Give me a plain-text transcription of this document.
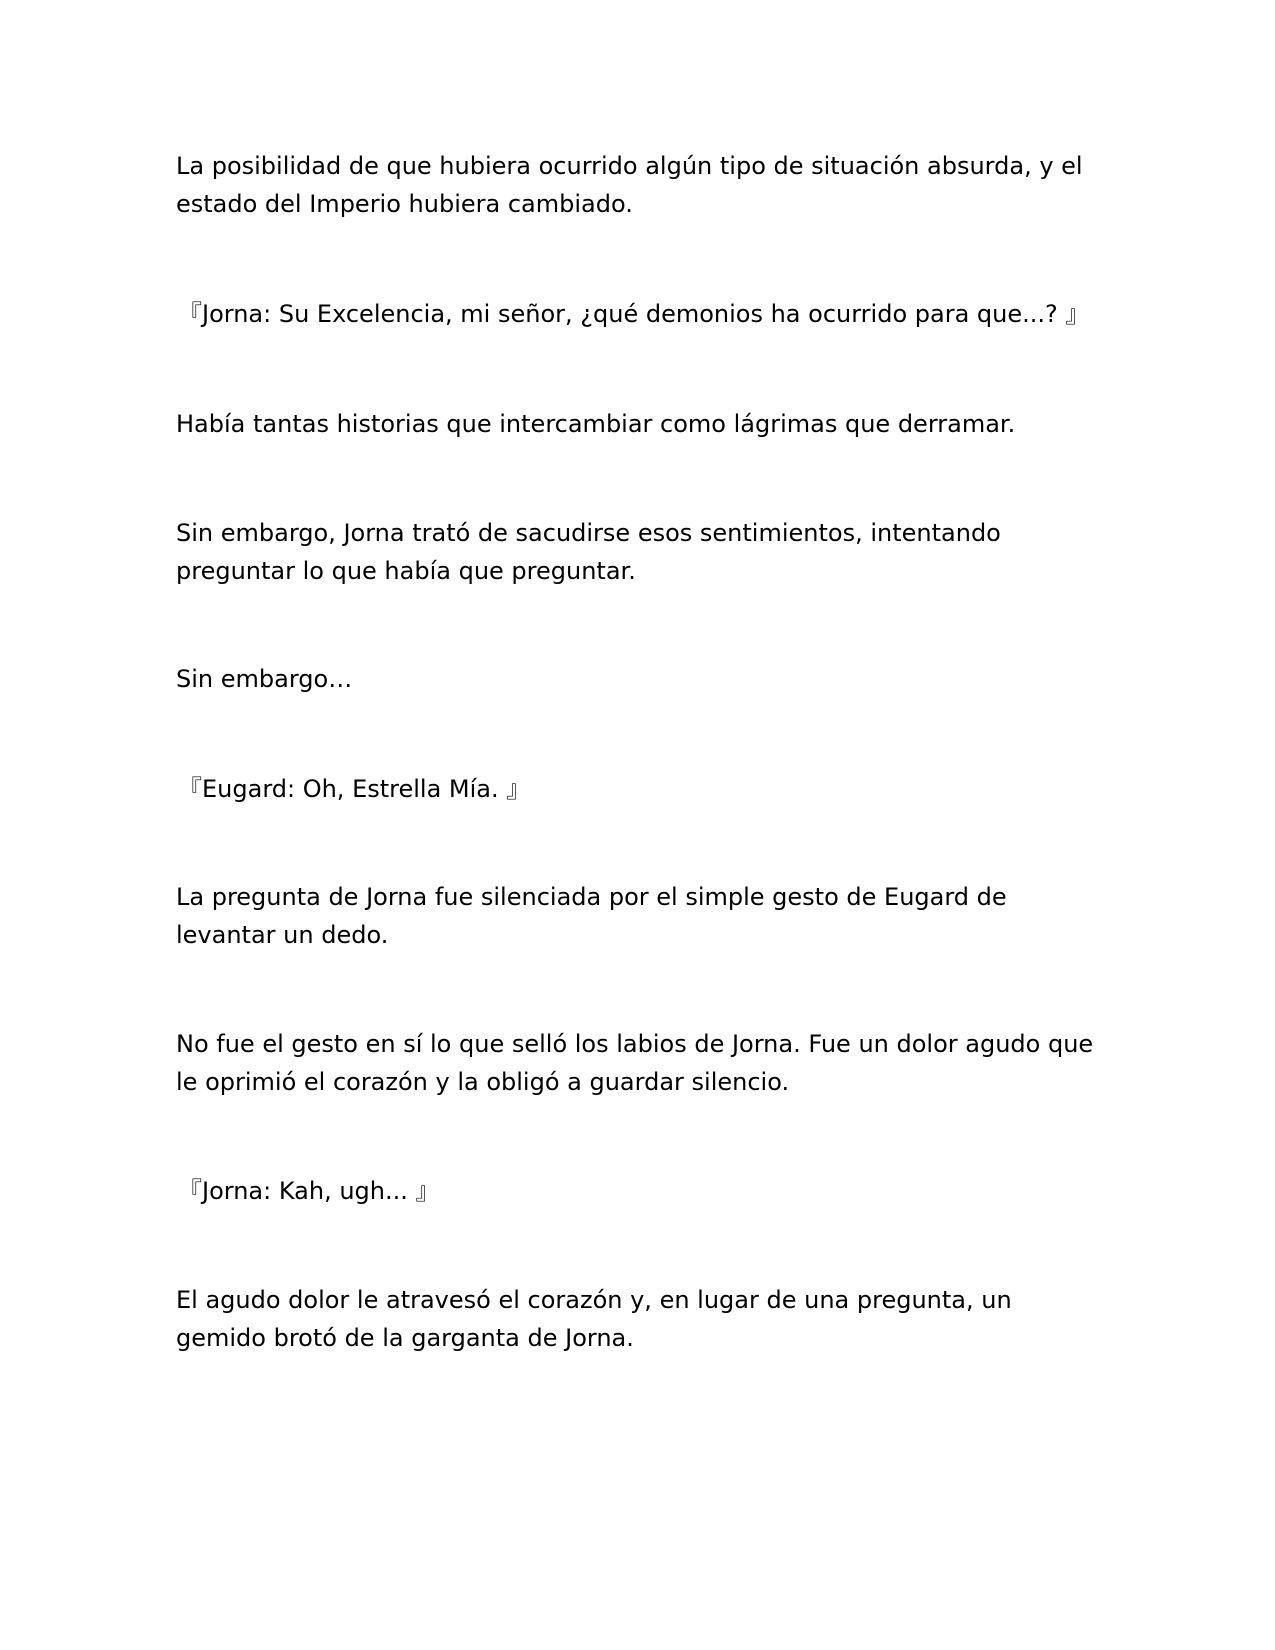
La posibilidad de que hubiera ocurrido algún tipo de situación absurda, y el estado del Imperio hubiera cambiado.

『Jorna: Su Excelencia, mi señor, ¿qué demonios ha ocurrido para que...? 』

Había tantas historias que intercambiar como lágrimas que derramar.

Sin embargo, Jorna trató de sacudirse esos sentimientos, intentando preguntar lo que había que preguntar.

Sin embargo…

『Eugard: Oh, Estrella Mía. 』

La pregunta de Jorna fue silenciada por el simple gesto de Eugard de levantar un dedo.

No fue el gesto en sí lo que selló los labios de Jorna. Fue un dolor agudo que le oprimió el corazón y la obligó a guardar silencio.

『Jorna: Kah, ugh... 』

El agudo dolor le atravesó el corazón y, en lugar de una pregunta, un gemido brotó de la garganta de Jorna.
